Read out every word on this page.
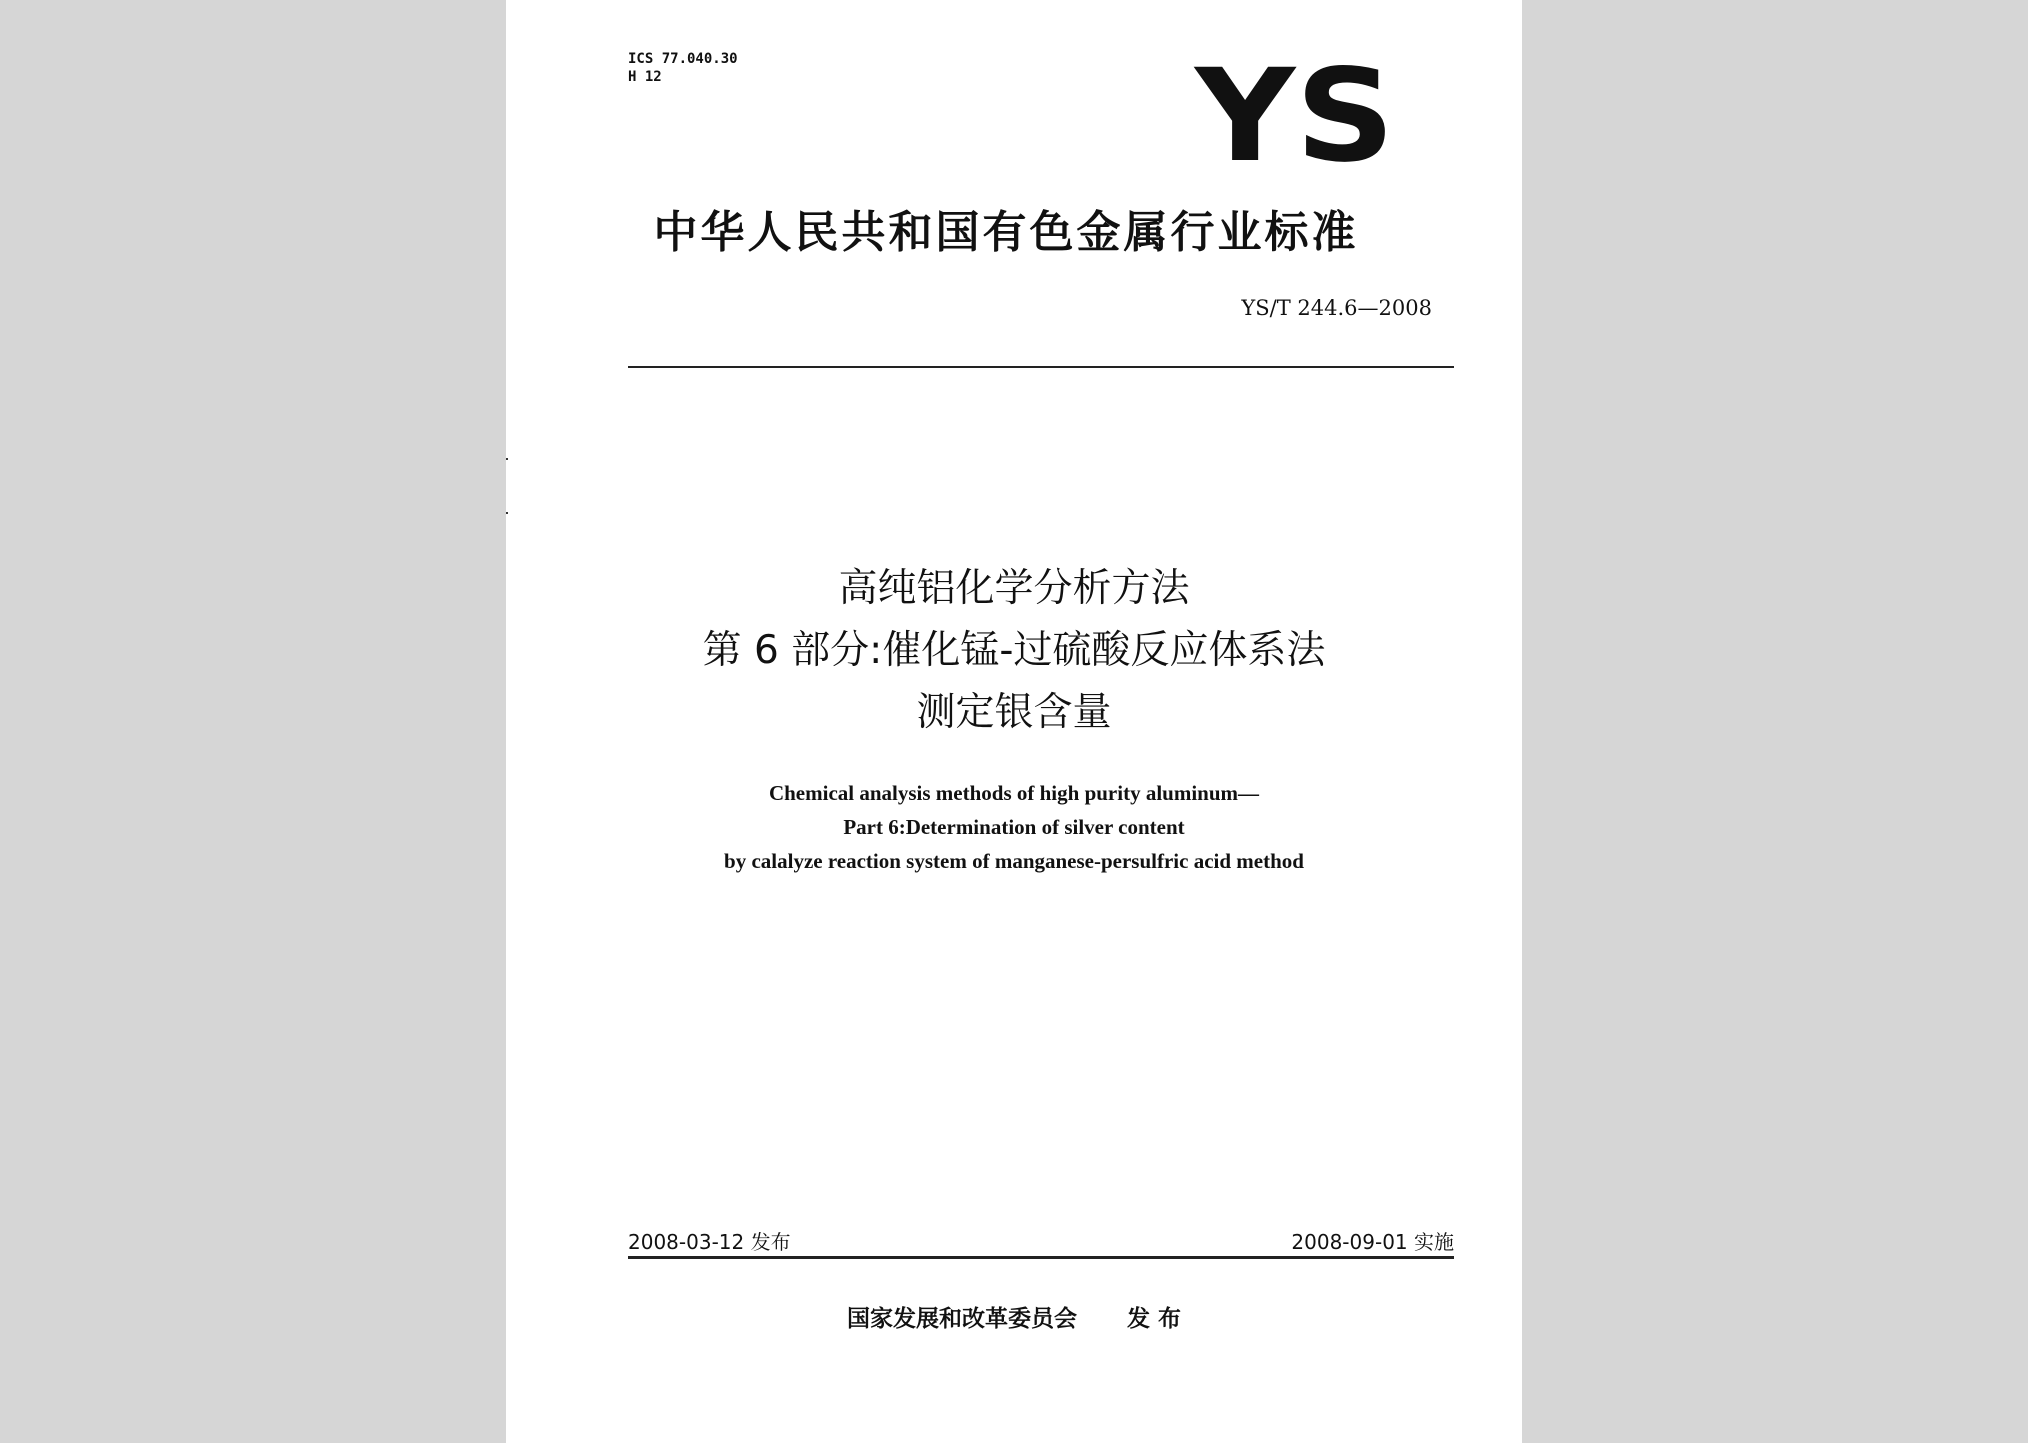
ICS 77.040.30
H 12	YS
中华人民共和国有色金属行业标准
YS/T 244.6—2008
高纯铝化学分析方法
第 6 部分:催化锰-过硫酸反应体系法
测定银含量
Chemical analysis methods of high purity aluminum—
Part 6:Determination of silver content
by calalyze reaction system of manganese-persulfric acid method
2008-03-12 发布	2008-09-01 实施
国家发展和改革委员会 发 布
